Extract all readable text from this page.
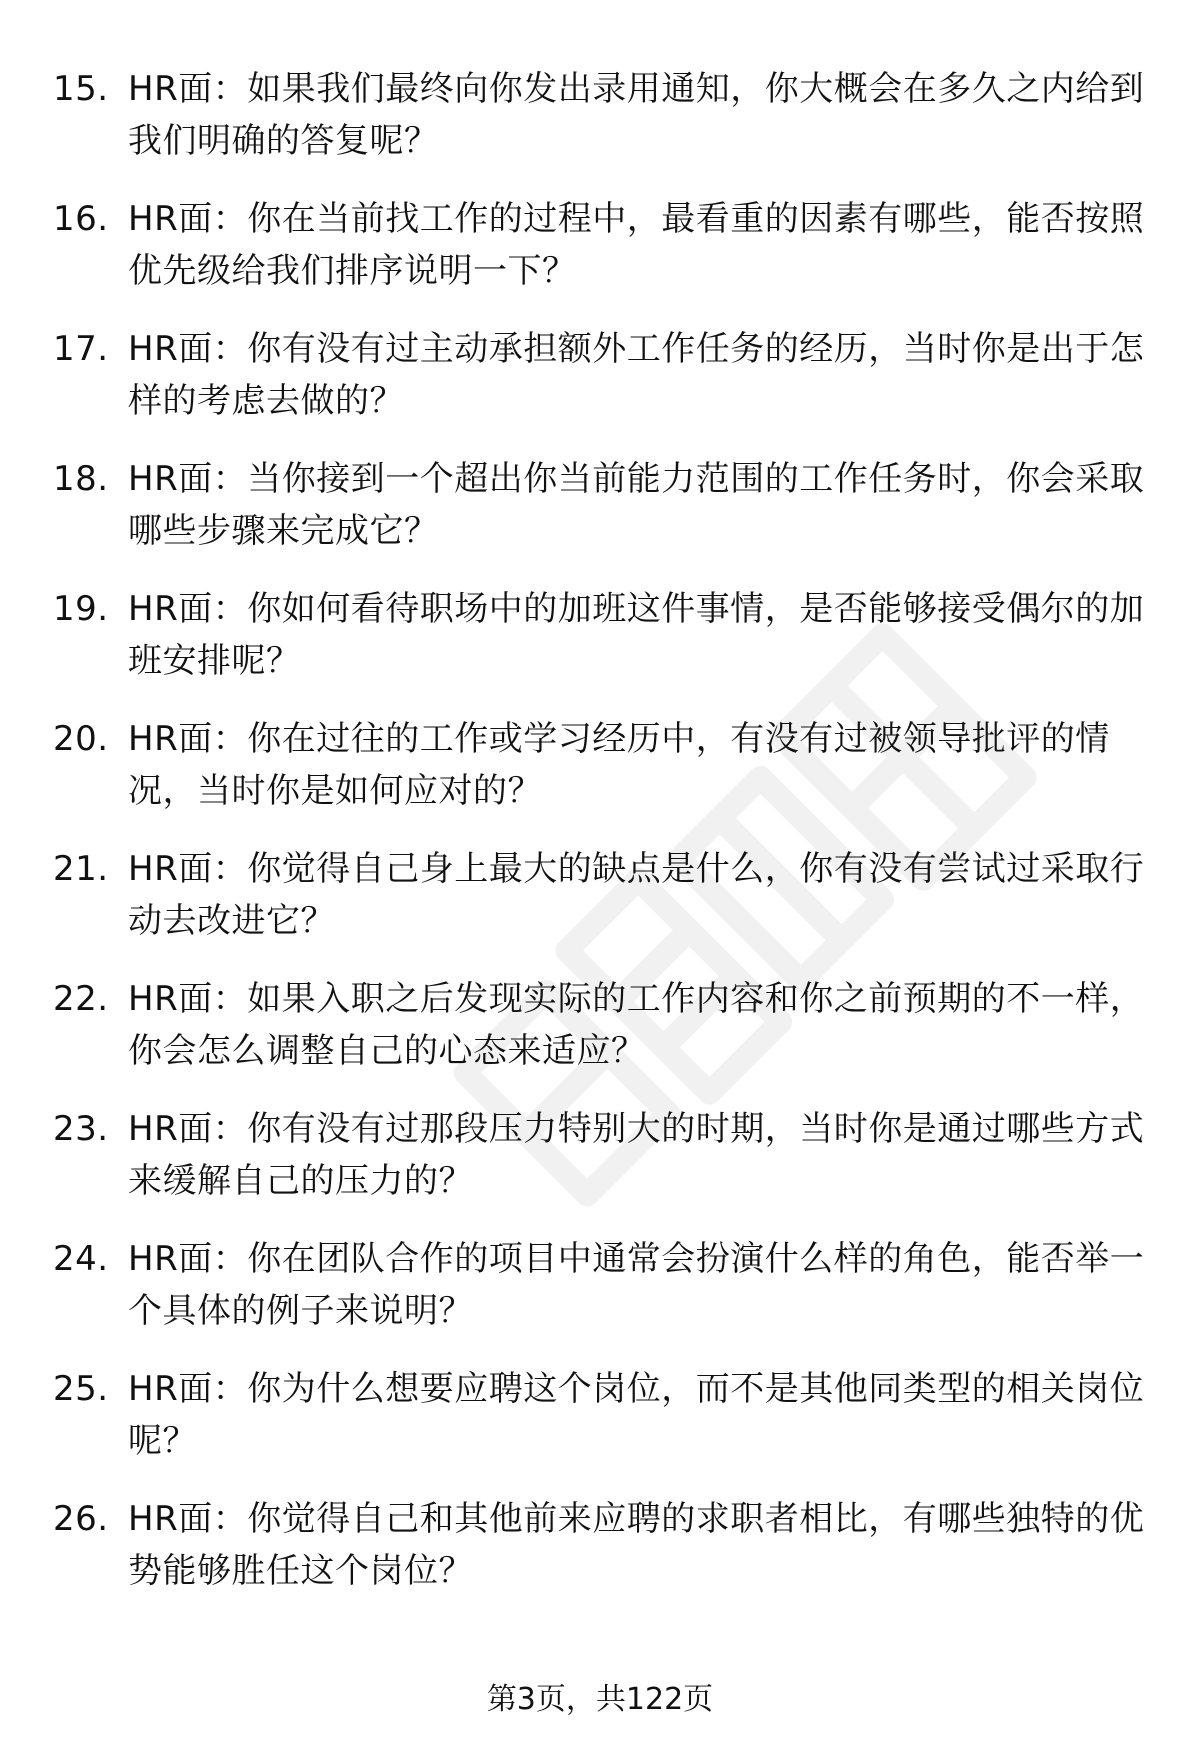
15. HR面：如果我们最终向你发出录用通知，你大概会在多久之内给到我们明确的答复呢？
16. HR面：你在当前找工作的过程中，最看重的因素有哪些，能否按照优先级给我们排序说明一下？
17. HR面：你有没有过主动承担额外工作任务的经历，当时你是出于怎样的考虑去做的？
18. HR面：当你接到一个超出你当前能力范围的工作任务时，你会采取哪些步骤来完成它？
19. HR面：你如何看待职场中的加班这件事情，是否能够接受偶尔的加班安排呢？
20. HR面：你在过往的工作或学习经历中，有没有过被领导批评的情况，当时你是如何应对的？
21. HR面：你觉得自己身上最大的缺点是什么，你有没有尝试过采取行动去改进它？
22. HR面：如果入职之后发现实际的工作内容和你之前预期的不一样，你会怎么调整自己的心态来适应？
23. HR面：你有没有过那段压力特别大的时期，当时你是通过哪些方式来缓解自己的压力的？
24. HR面：你在团队合作的项目中通常会扮演什么样的角色，能否举一个具体的例子来说明？
25. HR面：你为什么想要应聘这个岗位，而不是其他同类型的相关岗位呢？
26. HR面：你觉得自己和其他前来应聘的求职者相比，有哪些独特的优势能够胜任这个岗位？
第3页，共122页
